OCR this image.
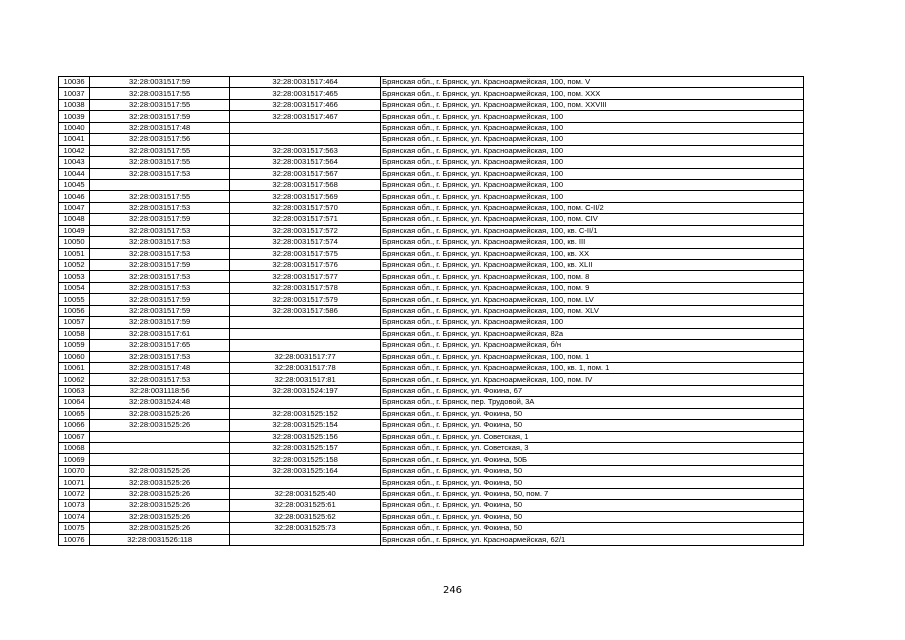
10036	32:28:0031517:59	32:28:0031517:464	Брянская обл., г. Брянск, ул. Красноармейская, 100, пом. V
10037	32:28:0031517:55	32:28:0031517:465	Брянская обл., г. Брянск, ул. Красноармейская, 100, пом. XXX
10038	32:28:0031517:55	32:28:0031517:466	Брянская обл., г. Брянск, ул. Красноармейская, 100, пом. XXVIII
10039	32:28:0031517:59	32:28:0031517:467	Брянская обл., г. Брянск, ул. Красноармейская, 100
10040	32:28:0031517:48		Брянская обл., г. Брянск, ул. Красноармейская, 100
10041	32:28:0031517:56		Брянская обл., г. Брянск, ул. Красноармейская, 100
10042	32:28:0031517:55	32:28:0031517:563	Брянская обл., г. Брянск, ул. Красноармейская, 100
10043	32:28:0031517:55	32:28:0031517:564	Брянская обл., г. Брянск, ул. Красноармейская, 100
10044	32:28:0031517:53	32:28:0031517:567	Брянская обл., г. Брянск, ул. Красноармейская, 100
10045		32:28:0031517:568	Брянская обл., г. Брянск, ул. Красноармейская, 100
10046	32:28:0031517:55	32:28:0031517:569	Брянская обл., г. Брянск, ул. Красноармейская, 100
10047	32:28:0031517:53	32:28:0031517:570	Брянская обл., г. Брянск, ул. Красноармейская, 100, пом. С-II/2
10048	32:28:0031517:59	32:28:0031517:571	Брянская обл., г. Брянск, ул. Красноармейская, 100, пом. CIV
10049	32:28:0031517:53	32:28:0031517:572	Брянская обл., г. Брянск, ул. Красноармейская, 100, кв. С-II/1
10050	32:28:0031517:53	32:28:0031517:574	Брянская обл., г. Брянск, ул. Красноармейская, 100, кв. III
10051	32:28:0031517:53	32:28:0031517:575	Брянская обл., г. Брянск, ул. Красноармейская, 100, кв. XX
10052	32:28:0031517:59	32:28:0031517:576	Брянская обл., г. Брянск, ул. Красноармейская, 100, кв. XLII
10053	32:28:0031517:53	32:28:0031517:577	Брянская обл., г. Брянск, ул. Красноармейская, 100, пом. 8
10054	32:28:0031517:53	32:28:0031517:578	Брянская обл., г. Брянск, ул. Красноармейская, 100, пом. 9
10055	32:28:0031517:59	32:28:0031517:579	Брянская обл., г. Брянск, ул. Красноармейская, 100, пом. LV
10056	32:28:0031517:59	32:28:0031517:586	Брянская обл., г. Брянск, ул. Красноармейская, 100, пом. XLV
10057	32:28:0031517:59		Брянская обл., г. Брянск, ул. Красноармейская, 100
10058	32:28:0031517:61		Брянская обл., г. Брянск, ул. Красноармейская, 82а
10059	32:28:0031517:65		Брянская обл., г. Брянск, ул. Красноармейская, б/н
10060	32:28:0031517:53	32:28:0031517:77	Брянская обл., г. Брянск, ул. Красноармейская, 100, пом. 1
10061	32:28:0031517:48	32:28:0031517:78	Брянская обл., г. Брянск, ул. Красноармейская, 100, кв. 1, пом. 1
10062	32:28:0031517:53	32:28:0031517:81	Брянская обл., г. Брянск, ул. Красноармейская, 100, пом. IV
10063	32:28:0031118:56	32:28:0031524:197	Брянская обл., г. Брянск, ул. Фокина, 67
10064	32:28:0031524:48		Брянская обл., г. Брянск, пер. Трудовой, 3А
10065	32:28:0031525:26	32:28:0031525:152	Брянская обл., г. Брянск, ул. Фокина, 50
10066	32:28:0031525:26	32:28:0031525:154	Брянская обл., г. Брянск, ул. Фокина, 50
10067		32:28:0031525:156	Брянская обл., г. Брянск, ул. Советская, 1
10068		32:28:0031525:157	Брянская обл., г. Брянск, ул. Советская, 3
10069		32:28:0031525:158	Брянская обл., г. Брянск, ул. Фокина, 50Б
10070	32:28:0031525:26	32:28:0031525:164	Брянская обл., г. Брянск, ул. Фокина, 50
10071	32:28:0031525:26		Брянская обл., г. Брянск, ул. Фокина, 50
10072	32:28:0031525:26	32:28:0031525:40	Брянская обл., г. Брянск, ул. Фокина, 50, пом. 7
10073	32:28:0031525:26	32:28:0031525:61	Брянская обл., г. Брянск, ул. Фокина, 50
10074	32:28:0031525:26	32:28:0031525:62	Брянская обл., г. Брянск, ул. Фокина, 50
10075	32:28:0031525:26	32:28:0031525:73	Брянская обл., г. Брянск, ул. Фокина, 50
10076	32:28:0031526:118		Брянская обл., г. Брянск, ул. Красноармейская, 62/1
246
